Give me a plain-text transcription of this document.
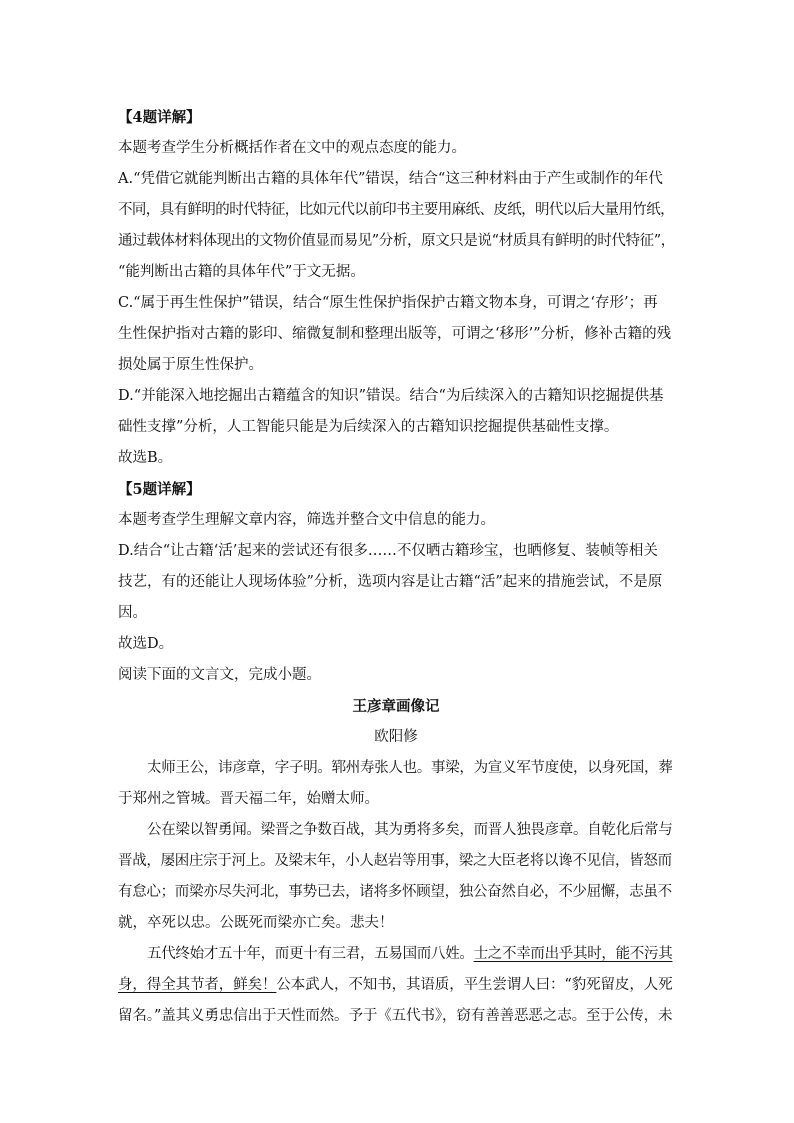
【4题详解】
本题考查学生分析概括作者在文中的观点态度的能力。
A.“凭借它就能判断出古籍的具体年代”错误，结合“这三种材料由于产生或制作的年代
不同，具有鲜明的时代特征，比如元代以前印书主要用麻纸、皮纸，明代以后大量用竹纸，
通过载体材料体现出的文物价值显而易见”分析，原文只是说“材质具有鲜明的时代特征”，
“能判断出古籍的具体年代”于文无据。
C.“属于再生性保护”错误，结合“原生性保护指保护古籍文物本身，可谓之‘存形’；再
生性保护指对古籍的影印、缩微复制和整理出版等，可谓之‘移形’”分析，修补古籍的残
损处属于原生性保护。
D.“并能深入地挖掘出古籍蕴含的知识”错误。结合“为后续深入的古籍知识挖掘提供基
础性支撑”分析，人工智能只能是为后续深入的古籍知识挖掘提供基础性支撑。
故选B。
【5题详解】
本题考查学生理解文章内容，筛选并整合文中信息的能力。
D.结合“让古籍‘活’起来的尝试还有很多……不仅晒古籍珍宝，也晒修复、装帧等相关
技艺，有的还能让人现场体验”分析，选项内容是让古籍“活”起来的措施尝试，不是原
因。
故选D。
阅读下面的文言文，完成小题。
王彦章画像记
欧阳修
太师王公，讳彦章，字子明。郓州寿张人也。事梁，为宣义军节度使，以身死国，葬
于郑州之管城。晋天福二年，始赠太师。
公在梁以智勇闻。梁晋之争数百战，其为勇将多矣，而晋人独畏彦章。自乾化后常与
晋战，屡困庄宗于河上。及梁末年，小人赵岩等用事，梁之大臣老将以谗不见信，皆怒而
有怠心；而梁亦尽失河北，事势已去，诸将多怀顾望，独公奋然自必，不少屈懈，志虽不
就，卒死以忠。公既死而梁亦亡矣。悲夫！
五代终始才五十年，而更十有三君，五易国而八姓。士之不幸而出乎其时，能不污其
身，得全其节者，鲜矣！公本武人，不知书，其语质，平生尝谓人曰：“豹死留皮，人死
留名。”盖其义勇忠信出于天性而然。予于《五代书》，窃有善善恶恶之志。至于公传，未
